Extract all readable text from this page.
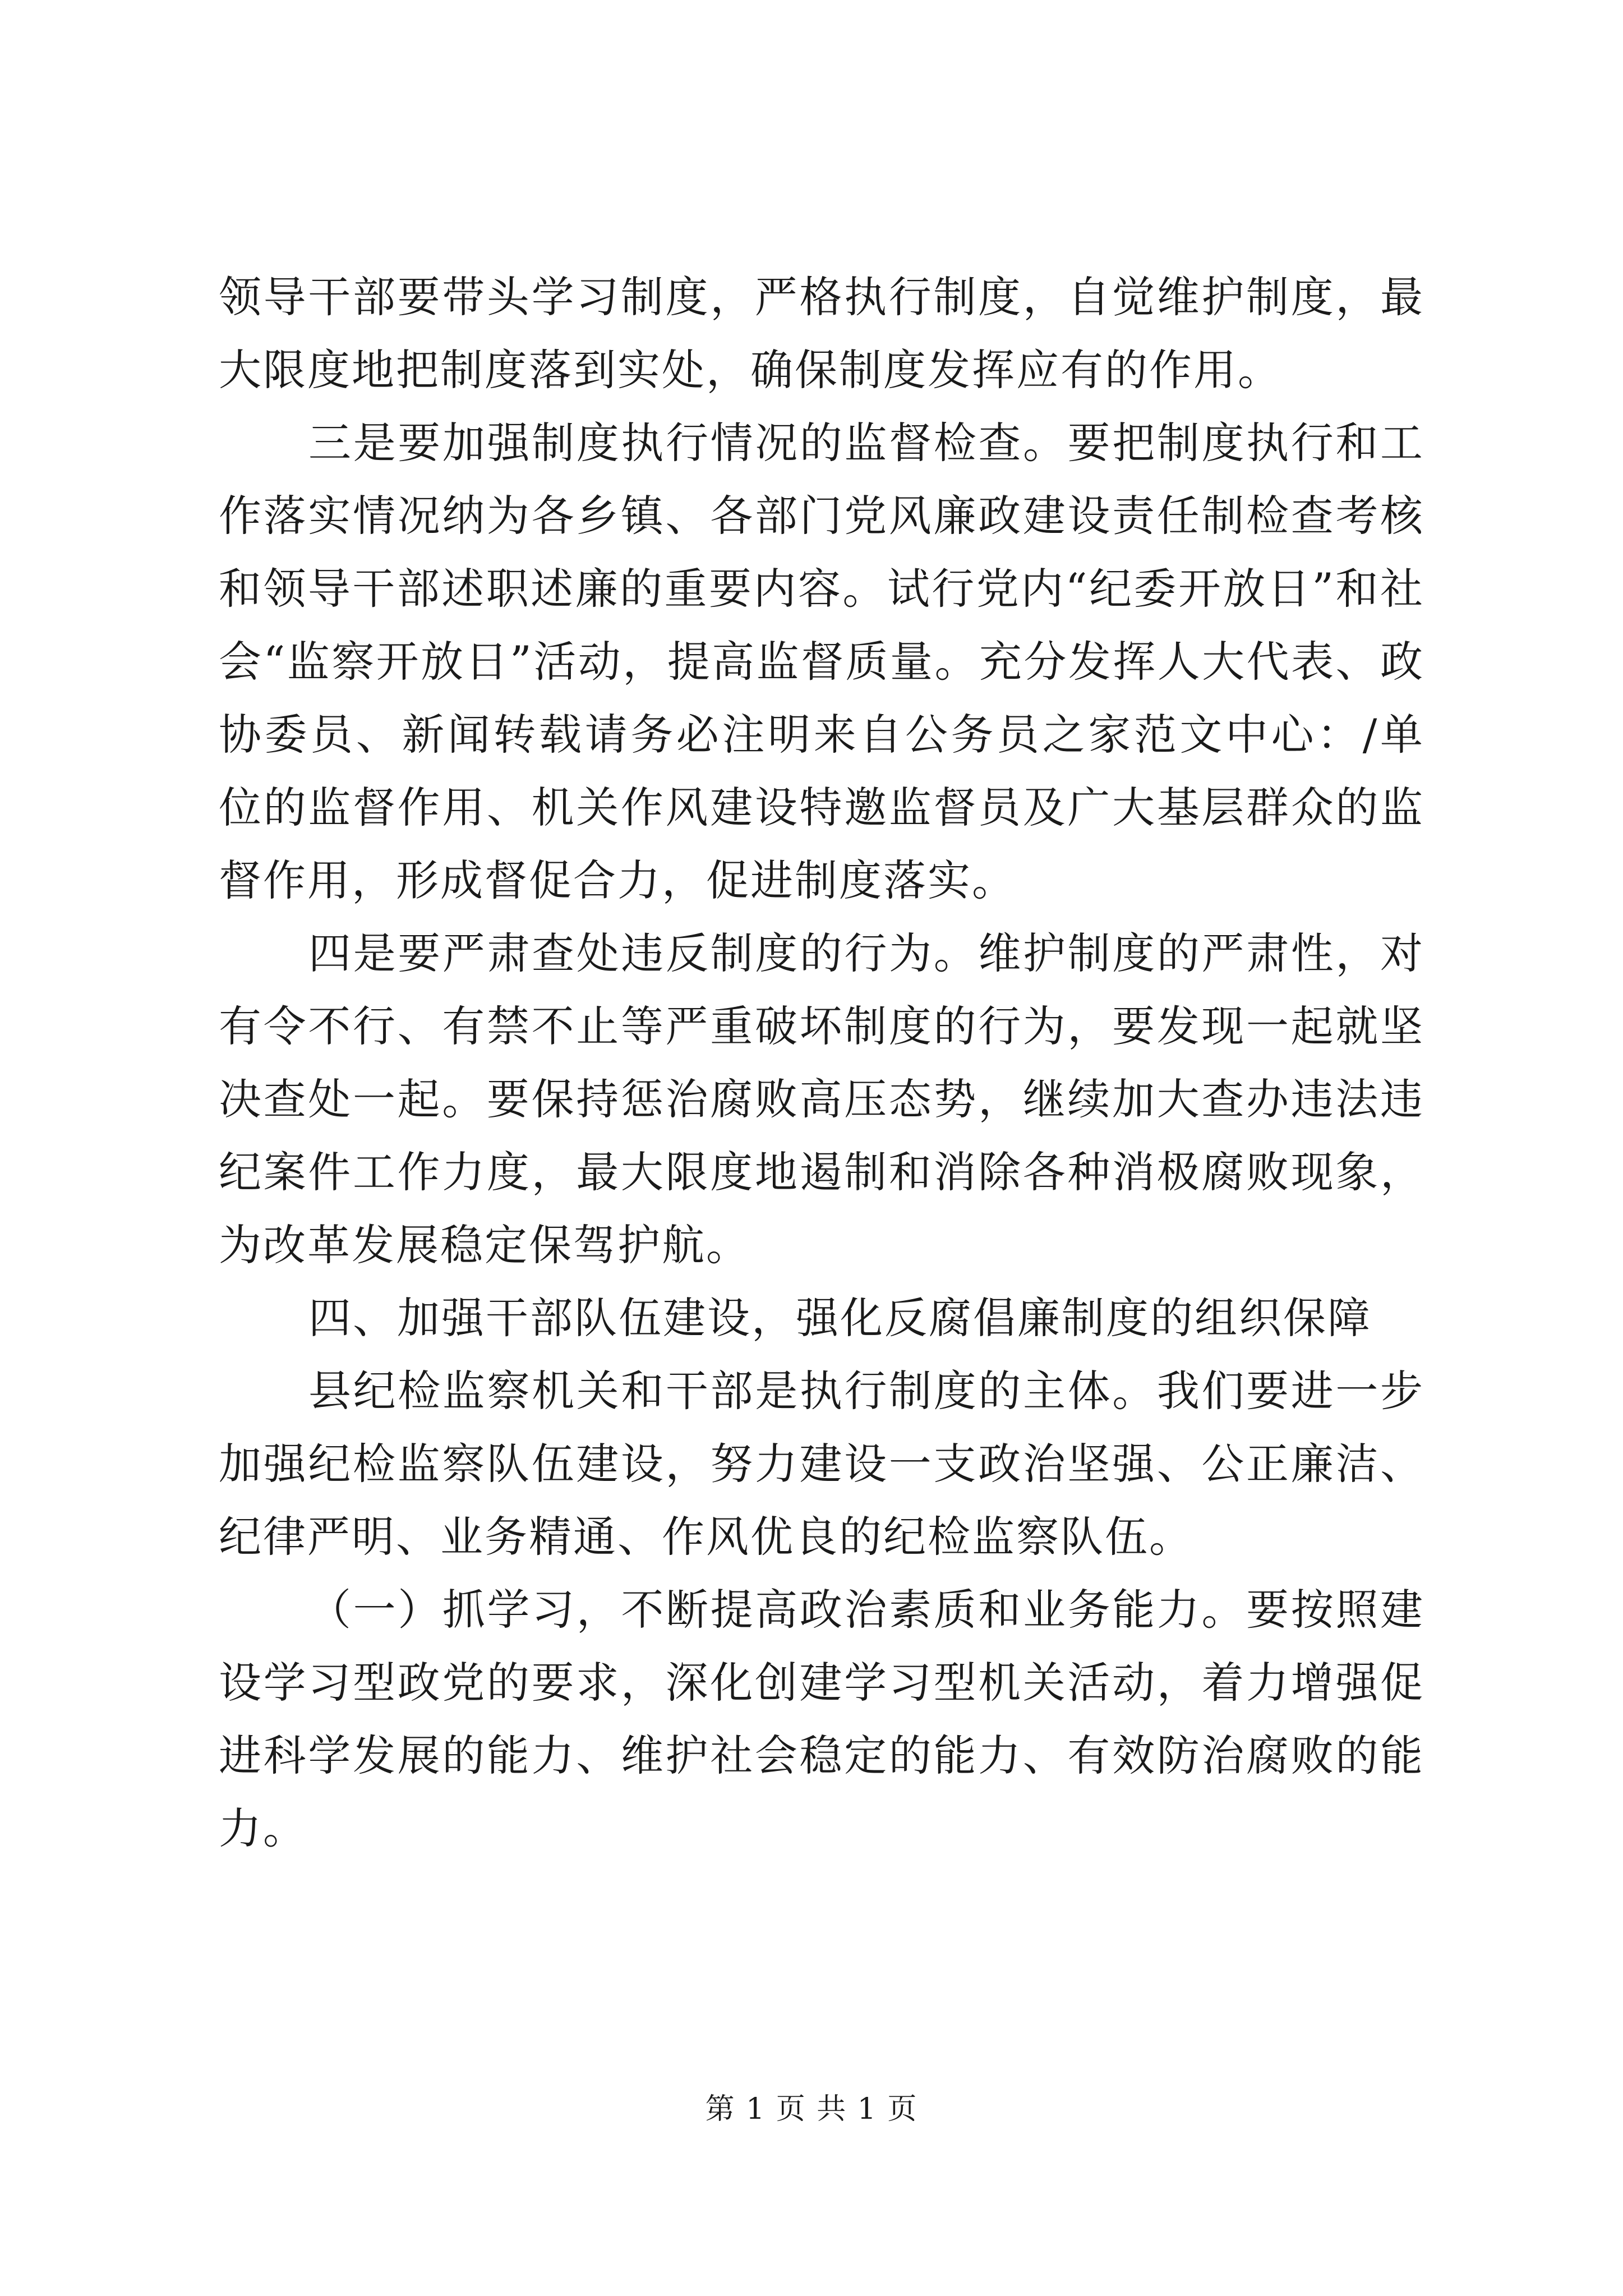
领导干部要带头学习制度，严格执行制度，自觉维护制度，最大限度地把制度落到实处，确保制度发挥应有的作用。

三是要加强制度执行情况的监督检查。要把制度执行和工作落实情况纳为各乡镇、各部门党风廉政建设责任制检查考核和领导干部述职述廉的重要内容。试行党内“纪委开放日”和社会“监察开放日”活动，提高监督质量。充分发挥人大代表、政协委员、新闻转载请务必注明来自公务员之家范文中心：/单位的监督作用、机关作风建设特邀监督员及广大基层群众的监督作用，形成督促合力，促进制度落实。

四是要严肃查处违反制度的行为。维护制度的严肃性，对有令不行、有禁不止等严重破坏制度的行为，要发现一起就坚决查处一起。要保持惩治腐败高压态势，继续加大查办违法违纪案件工作力度，最大限度地遏制和消除各种消极腐败现象，为改革发展稳定保驾护航。

四、加强干部队伍建设，强化反腐倡廉制度的组织保障

县纪检监察机关和干部是执行制度的主体。我们要进一步加强纪检监察队伍建设，努力建设一支政治坚强、公正廉洁、纪律严明、业务精通、作风优良的纪检监察队伍。

（一）抓学习，不断提高政治素质和业务能力。要按照建设学习型政党的要求，深化创建学习型机关活动，着力增强促进科学发展的能力、维护社会稳定的能力、有效防治腐败的能力。

第 1 页 共 1 页
